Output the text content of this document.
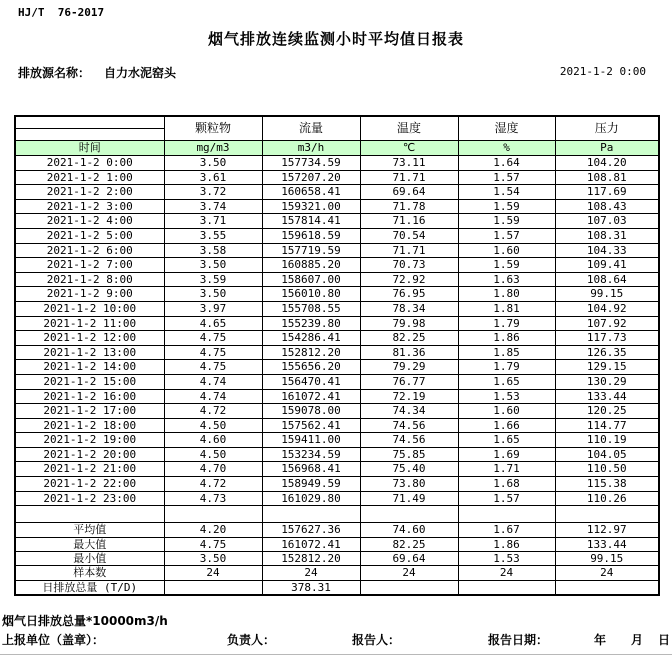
HJ/T  76-2017
烟气排放连续监测小时平均值日报表
排放源名称： 自力水泥窑头	2021-1-2 0:00
	颗粒物	流量	温度	湿度	压力

时间	mg/m3	m3/h	℃	%	Pa
2021-1-2 0:00	3.50	157734.59	73.11	1.64	104.20
2021-1-2 1:00	3.61	157207.20	71.71	1.57	108.81
2021-1-2 2:00	3.72	160658.41	69.64	1.54	117.69
2021-1-2 3:00	3.74	159321.00	71.78	1.59	108.43
2021-1-2 4:00	3.71	157814.41	71.16	1.59	107.03
2021-1-2 5:00	3.55	159618.59	70.54	1.57	108.31
2021-1-2 6:00	3.58	157719.59	71.71	1.60	104.33
2021-1-2 7:00	3.50	160885.20	70.73	1.59	109.41
2021-1-2 8:00	3.59	158607.00	72.92	1.63	108.64
2021-1-2 9:00	3.50	156010.80	76.95	1.80	99.15
2021-1-2 10:00	3.97	155708.55	78.34	1.81	104.92
2021-1-2 11:00	4.65	155239.80	79.98	1.79	107.92
2021-1-2 12:00	4.75	154286.41	82.25	1.86	117.73
2021-1-2 13:00	4.75	152812.20	81.36	1.85	126.35
2021-1-2 14:00	4.75	155656.20	79.29	1.79	129.15
2021-1-2 15:00	4.74	156470.41	76.77	1.65	130.29
2021-1-2 16:00	4.74	161072.41	72.19	1.53	133.44
2021-1-2 17:00	4.72	159078.00	74.34	1.60	120.25
2021-1-2 18:00	4.50	157562.41	74.56	1.66	114.77
2021-1-2 19:00	4.60	159411.00	74.56	1.65	110.19
2021-1-2 20:00	4.50	153234.59	75.85	1.69	104.05
2021-1-2 21:00	4.70	156968.41	75.40	1.71	110.50
2021-1-2 22:00	4.72	158949.59	73.80	1.68	115.38
2021-1-2 23:00	4.73	161029.80	71.49	1.57	110.26

平均值	4.20	157627.36	74.60	1.67	112.97
最大值	4.75	161072.41	82.25	1.86	133.44
最小值	3.50	152812.20	69.64	1.53	99.15
样本数	24	24	24	24	24
日排放总量 (T/D)		378.31			
烟气日排放总量*10000m3/h
上报单位（盖章）：	负责人：	报告人：	报告日期：	年 月 日
